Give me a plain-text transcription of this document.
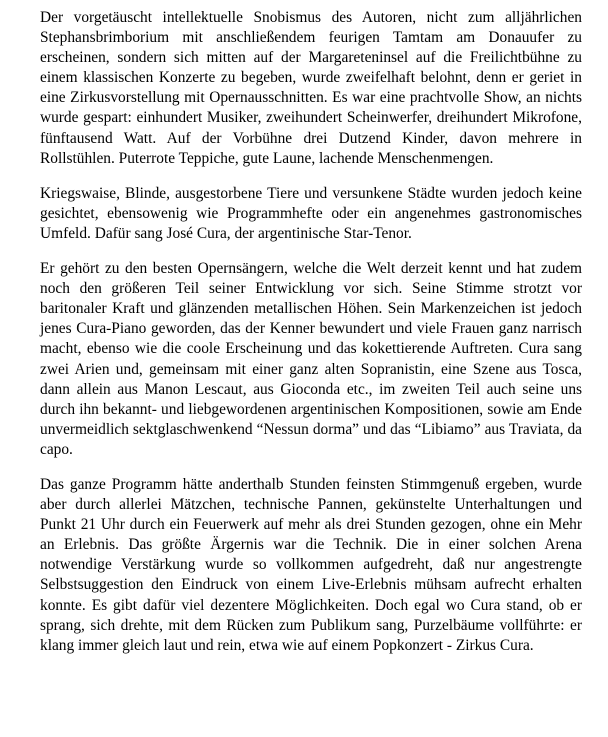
Der vorgetäuscht intellektuelle Snobismus des Autoren, nicht zum alljährlichen Stephansbrimborium mit anschließendem feurigen Tamtam am Donauufer zu erscheinen, sondern sich mitten auf der Margareteninsel auf die Freilichtbühne zu einem klassischen Konzerte zu begeben, wurde zweifelhaft belohnt, denn er geriet in eine Zirkusvorstellung mit Opernausschnitten. Es war eine prachtvolle Show, an nichts wurde gespart: einhundert Musiker, zweihundert Scheinwerfer, dreihundert Mikrofone, fünftausend Watt. Auf der Vorbühne drei Dutzend Kinder, davon mehrere in Rollstühlen. Puterrote Teppiche, gute Laune, lachende Menschenmengen.

Kriegswaise, Blinde, ausgestorbene Tiere und versunkene Städte wurden jedoch keine gesichtet, ebensowenig wie Programmhefte oder ein angenehmes gastronomisches Umfeld. Dafür sang José Cura, der argentinische Star-Tenor.

Er gehört zu den besten Opernsängern, welche die Welt derzeit kennt und hat zudem noch den größeren Teil seiner Entwicklung vor sich. Seine Stimme strotzt vor baritonaler Kraft und glänzenden metallischen Höhen. Sein Markenzeichen ist jedoch jenes Cura-Piano geworden, das der Kenner bewundert und viele Frauen ganz narrisch macht, ebenso wie die coole Erscheinung und das kokettierende Auftreten. Cura sang zwei Arien und, gemeinsam mit einer ganz alten Sopranistin, eine Szene aus Tosca, dann allein aus Manon Lescaut, aus Gioconda etc., im zweiten Teil auch seine uns durch ihn bekannt- und liebgewordenen argentinischen Kompositionen, sowie am Ende unvermeidlich sektglaschwenkend “Nessun dorma” und das “Libiamo” aus Traviata, da capo.

Das ganze Programm hätte anderthalb Stunden feinsten Stimmgenuß ergeben, wurde aber durch allerlei Mätzchen, technische Pannen, gekünstelte Unterhaltungen und Punkt 21 Uhr durch ein Feuerwerk auf mehr als drei Stunden gezogen, ohne ein Mehr an Erlebnis. Das größte Ärgernis war die Technik. Die in einer solchen Arena notwendige Verstärkung wurde so vollkommen aufgedreht, daß nur angestrengte Selbstsuggestion den Eindruck von einem Live-Erlebnis mühsam aufrecht erhalten konnte. Es gibt dafür viel dezentere Möglichkeiten. Doch egal wo Cura stand, ob er sprang, sich drehte, mit dem Rücken zum Publikum sang, Purzelbäume vollführte: er klang immer gleich laut und rein, etwa wie auf einem Popkonzert - Zirkus Cura.
